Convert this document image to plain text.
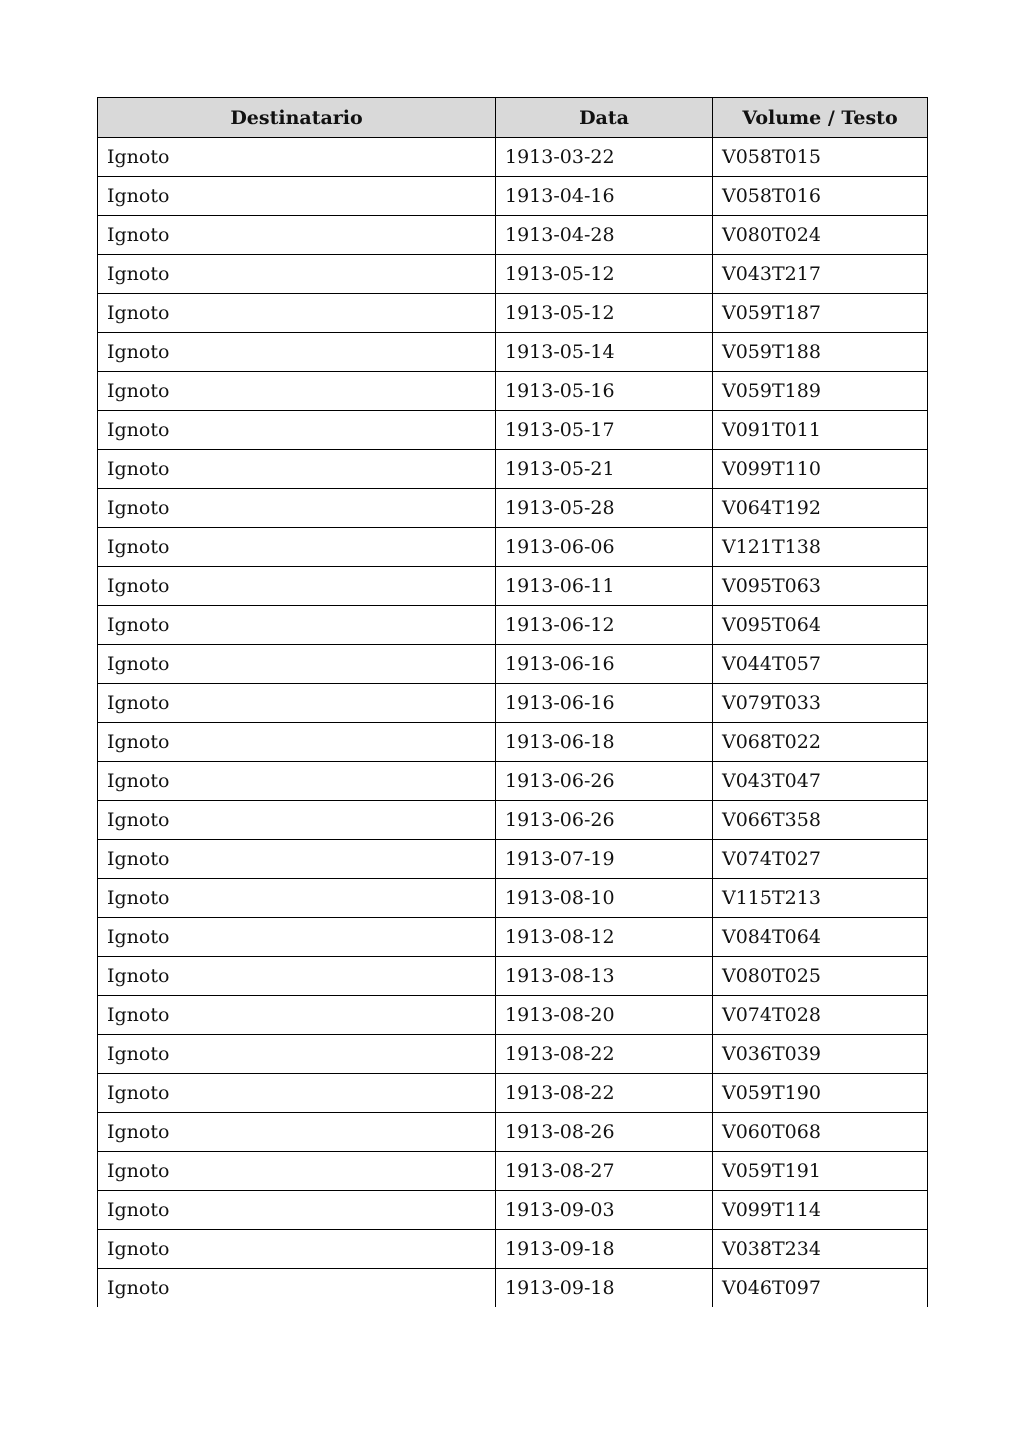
Destinatario	Data	Volume / Testo
Ignoto	1913-03-22	V058T015
Ignoto	1913-04-16	V058T016
Ignoto	1913-04-28	V080T024
Ignoto	1913-05-12	V043T217
Ignoto	1913-05-12	V059T187
Ignoto	1913-05-14	V059T188
Ignoto	1913-05-16	V059T189
Ignoto	1913-05-17	V091T011
Ignoto	1913-05-21	V099T110
Ignoto	1913-05-28	V064T192
Ignoto	1913-06-06	V121T138
Ignoto	1913-06-11	V095T063
Ignoto	1913-06-12	V095T064
Ignoto	1913-06-16	V044T057
Ignoto	1913-06-16	V079T033
Ignoto	1913-06-18	V068T022
Ignoto	1913-06-26	V043T047
Ignoto	1913-06-26	V066T358
Ignoto	1913-07-19	V074T027
Ignoto	1913-08-10	V115T213
Ignoto	1913-08-12	V084T064
Ignoto	1913-08-13	V080T025
Ignoto	1913-08-20	V074T028
Ignoto	1913-08-22	V036T039
Ignoto	1913-08-22	V059T190
Ignoto	1913-08-26	V060T068
Ignoto	1913-08-27	V059T191
Ignoto	1913-09-03	V099T114
Ignoto	1913-09-18	V038T234
Ignoto	1913-09-18	V046T097
